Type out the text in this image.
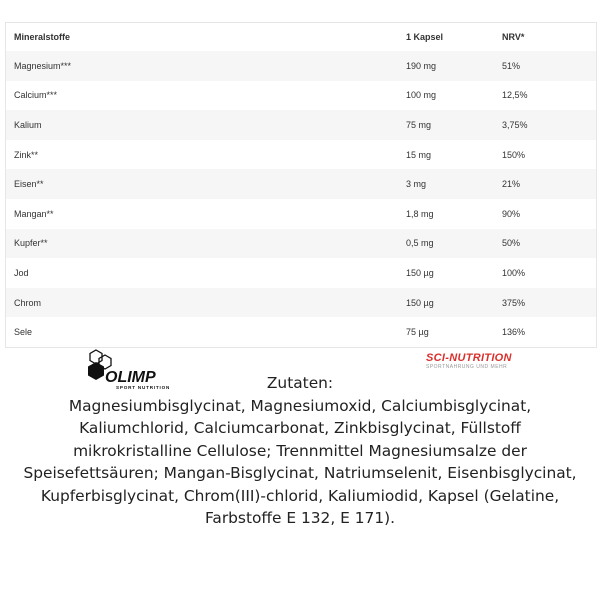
Mineralstoffe	1 Kapsel	NRV*
Magnesium***	190 mg	51%
Calcium***	100 mg	12,5%
Kalium	75 mg	3,75%
Zink**	15 mg	150%
Eisen**	3 mg	21%
Mangan**	1,8 mg	90%
Kupfer**	0,5 mg	50%
Jod	150 µg	100%
Chrom	150 µg	375%
Sele	75 µg	136%
OLIMP
SPORT NUTRITION
SCI-NUTRITION
SPORTNAHRUNG UND MEHR
Zutaten:
Magnesiumbisglycinat, Magnesiumoxid, Calciumbisglycinat,
Kaliumchlorid, Calciumcarbonat, Zinkbisglycinat, Füllstoff
mikrokristalline Cellulose; Trennmittel Magnesiumsalze der
Speisefettsäuren; Mangan-Bisglycinat, Natriumselenit, Eisenbisglycinat,
Kupferbisglycinat, Chrom(III)-chlorid, Kaliumiodid, Kapsel (Gelatine,
Farbstoffe E 132, E 171).
